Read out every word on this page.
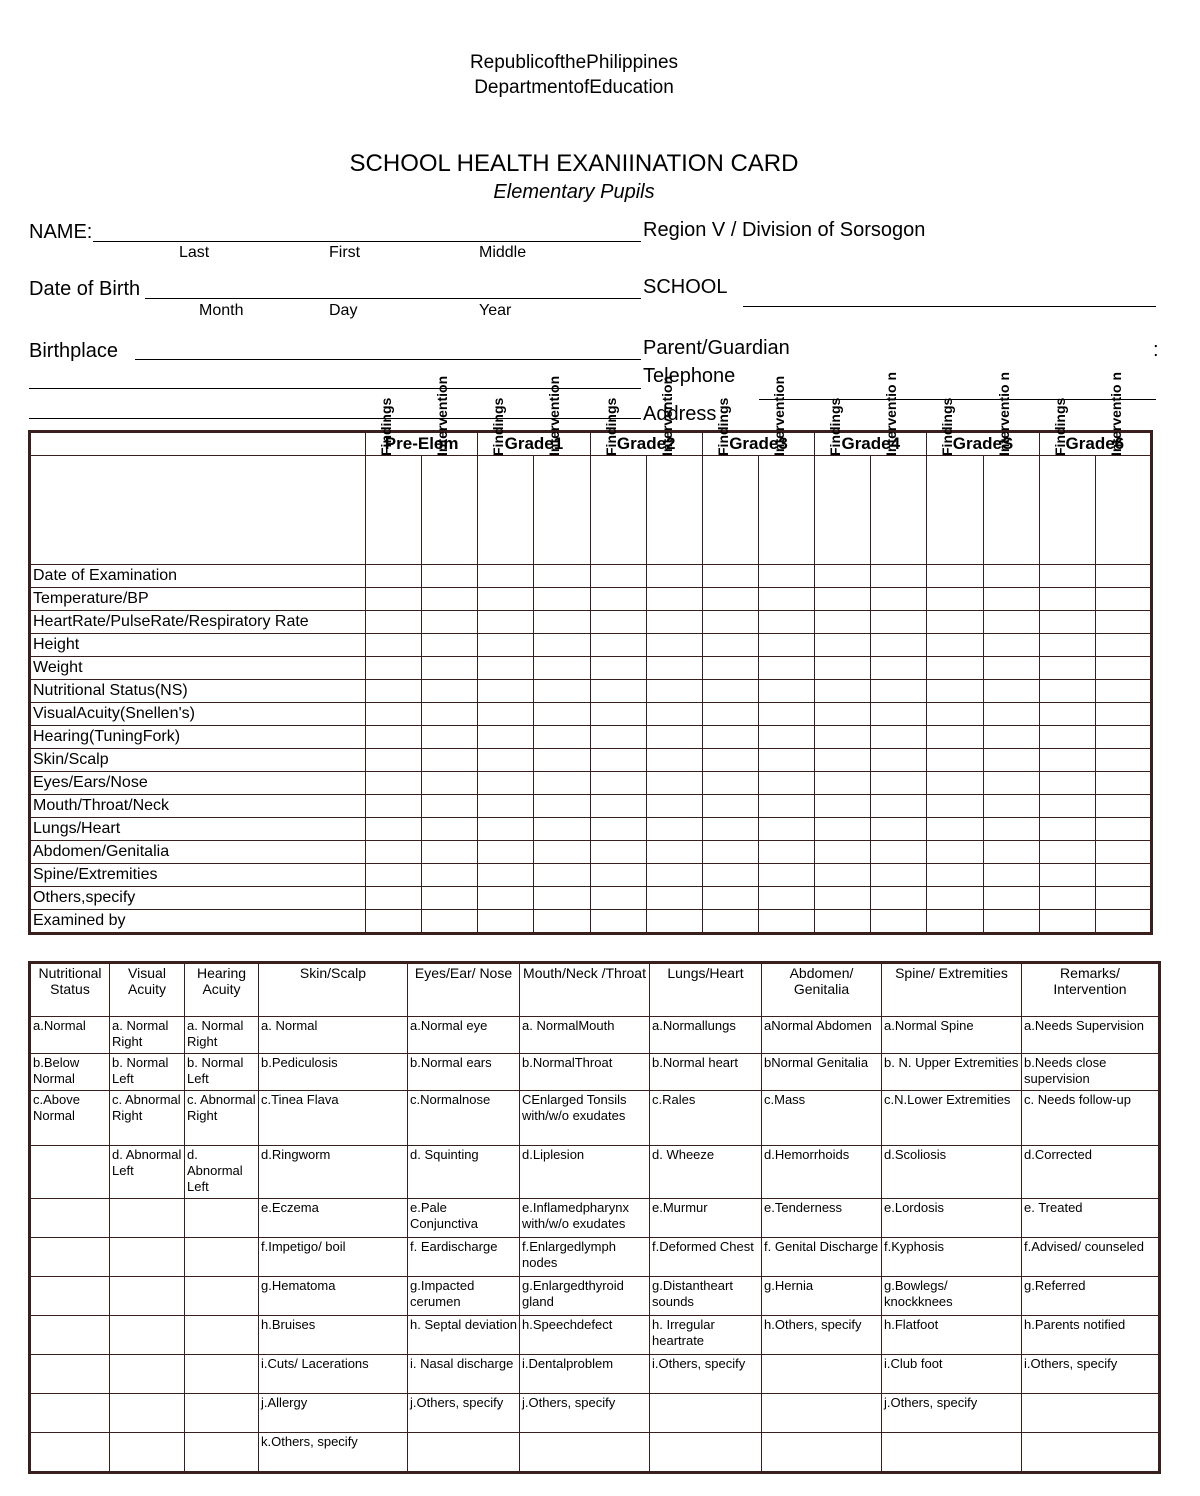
RepublicofthePhilippines
DepartmentofEducation
SCHOOL HEALTH EXANIINATION CARD
Elementary Pupils
NAME:
Last	First	Middle
Region V / Division of Sorsogon
Date of Birth
Month	Day	Year
SCHOOL
Birthplace	Parent/Guardian	:
Telephone
Address
	Pre-Elem		Grade1		Grade2		Grade3		Grade4		GradeS		Grade6	

	Findings	Intervention	Findings	Intervention	Findings	Intervention	Findings	Intervention	Findings	Interventio n	Findings	Interventio n	Findings	Interventio n

Date of Examination														
Temperature/BP														
HeartRate/PulseRate/Respiratory Rate														
Height														
Weight														
Nutritional Status(NS)														
VisualAcuity(Snellen's)														
Hearing(TuningFork)														
Skin/Scalp														
Eyes/Ears/Nose														
Mouth/Throat/Neck														
Lungs/Heart														
Abdomen/Genitalia														
Spine/Extremities														
Others,specify														
Examined by														
Nutritional Status	Visual Acuity	Hearing Acuity	Skin/Scalp	Eyes/Ear/ Nose	Mouth/Neck /Throat	Lungs/Heart	Abdomen/ Genitalia	Spine/ Extremities	Remarks/ Intervention
a.Normal	a. Normal Right	a. Normal Right	a. Normal	a.Normal eye	a. NormalMouth	a.Normallungs	aNormal Abdomen	a.Normal Spine	a.Needs Supervision
b.Below Normal	b. Normal Left	b. Normal Left	b.Pediculosis	b.Normal ears	b.NormalThroat	b.Normal heart	bNormal Genitalia	b. N. Upper Extremities	b.Needs close supervision
c.Above Normal	c. Abnormal Right	c. Abnormal Right	c.Tinea Flava	c.Normalnose	CEnlarged Tonsils with/w/o exudates	c.Rales	c.Mass	c.N.Lower Extremities	c. Needs follow-up
	d. Abnormal Left	d. Abnormal Left	d.Ringworm	d. Squinting	d.Liplesion	d. Wheeze	d.Hemorrhoids	d.Scoliosis	d.Corrected
			e.Eczema	e.Pale Conjunctiva	e.Inflamedpharynx with/w/o exudates	e.Murmur	e.Tenderness	e.Lordosis	e. Treated
			f.Impetigo/ boil	f. Eardischarge	f.Enlargedlymph nodes	f.Deformed Chest	f. Genital Discharge	f.Kyphosis	f.Advised/ counseled
			g.Hematoma	g.Impacted cerumen	g.Enlargedthyroid gland	g.Distantheart sounds	g.Hernia	g.Bowlegs/ knockknees	g.Referred
			h.Bruises	h. Septal deviation	h.Speechdefect	h. Irregular heartrate	h.Others, specify	h.Flatfoot	h.Parents notified
			i.Cuts/ Lacerations	i. Nasal discharge	i.Dentalproblem	i.Others, specify		i.Club foot	i.Others, specify
			j.Allergy	j.Others, specify	j.Others, specify			j.Others, specify	
			k.Others, specify						
